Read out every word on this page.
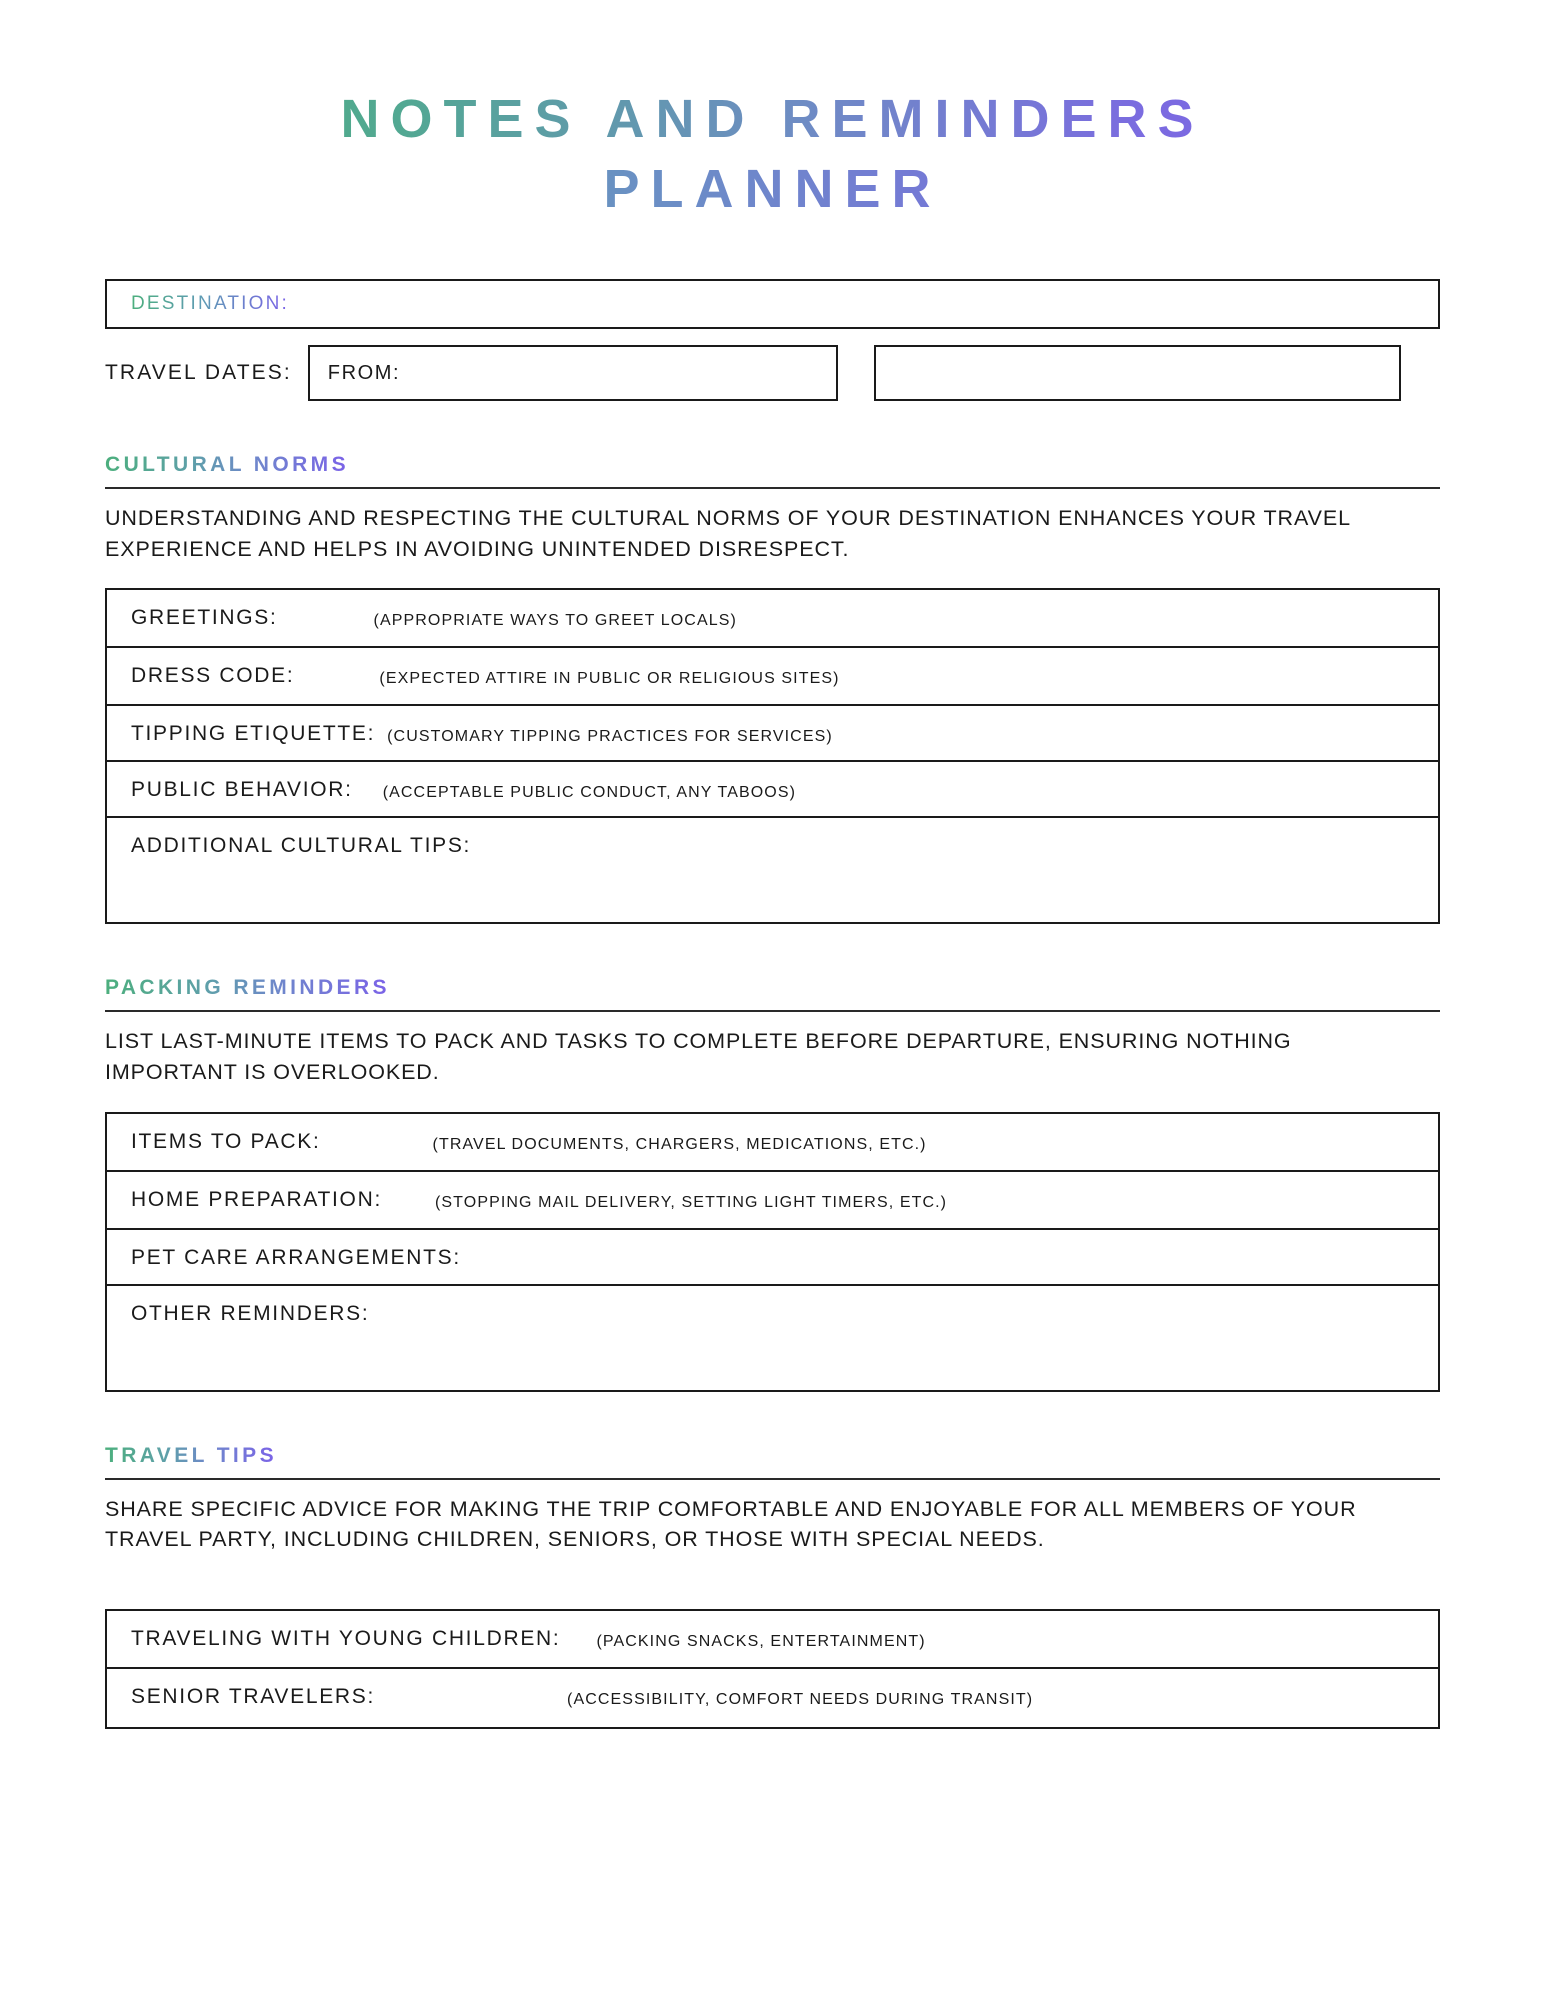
NOTES AND REMINDERS
PLANNER
DESTINATION:
TRAVEL DATES:	FROM:
CULTURAL NORMS
UNDERSTANDING AND RESPECTING THE CULTURAL NORMS OF YOUR DESTINATION ENHANCES YOUR TRAVEL EXPERIENCE AND HELPS IN AVOIDING UNINTENDED DISRESPECT.
GREETINGS:	(APPROPRIATE WAYS TO GREET LOCALS)
DRESS CODE:	(EXPECTED ATTIRE IN PUBLIC OR RELIGIOUS SITES)
TIPPING ETIQUETTE: (CUSTOMARY TIPPING PRACTICES FOR SERVICES)
PUBLIC BEHAVIOR: (ACCEPTABLE PUBLIC CONDUCT, ANY TABOOS)
ADDITIONAL CULTURAL TIPS:
PACKING REMINDERS
LIST LAST-MINUTE ITEMS TO PACK AND TASKS TO COMPLETE BEFORE DEPARTURE, ENSURING NOTHING IMPORTANT IS OVERLOOKED.
ITEMS TO PACK:	(TRAVEL DOCUMENTS, CHARGERS, MEDICATIONS, ETC.)
HOME PREPARATION:	(STOPPING MAIL DELIVERY, SETTING LIGHT TIMERS, ETC.)
PET CARE ARRANGEMENTS:
OTHER REMINDERS:
TRAVEL TIPS
SHARE SPECIFIC ADVICE FOR MAKING THE TRIP COMFORTABLE AND ENJOYABLE FOR ALL MEMBERS OF YOUR TRAVEL PARTY, INCLUDING CHILDREN, SENIORS, OR THOSE WITH SPECIAL NEEDS.
TRAVELING WITH YOUNG CHILDREN: (PACKING SNACKS, ENTERTAINMENT)
SENIOR TRAVELERS:	(ACCESSIBILITY, COMFORT NEEDS DURING TRANSIT)
